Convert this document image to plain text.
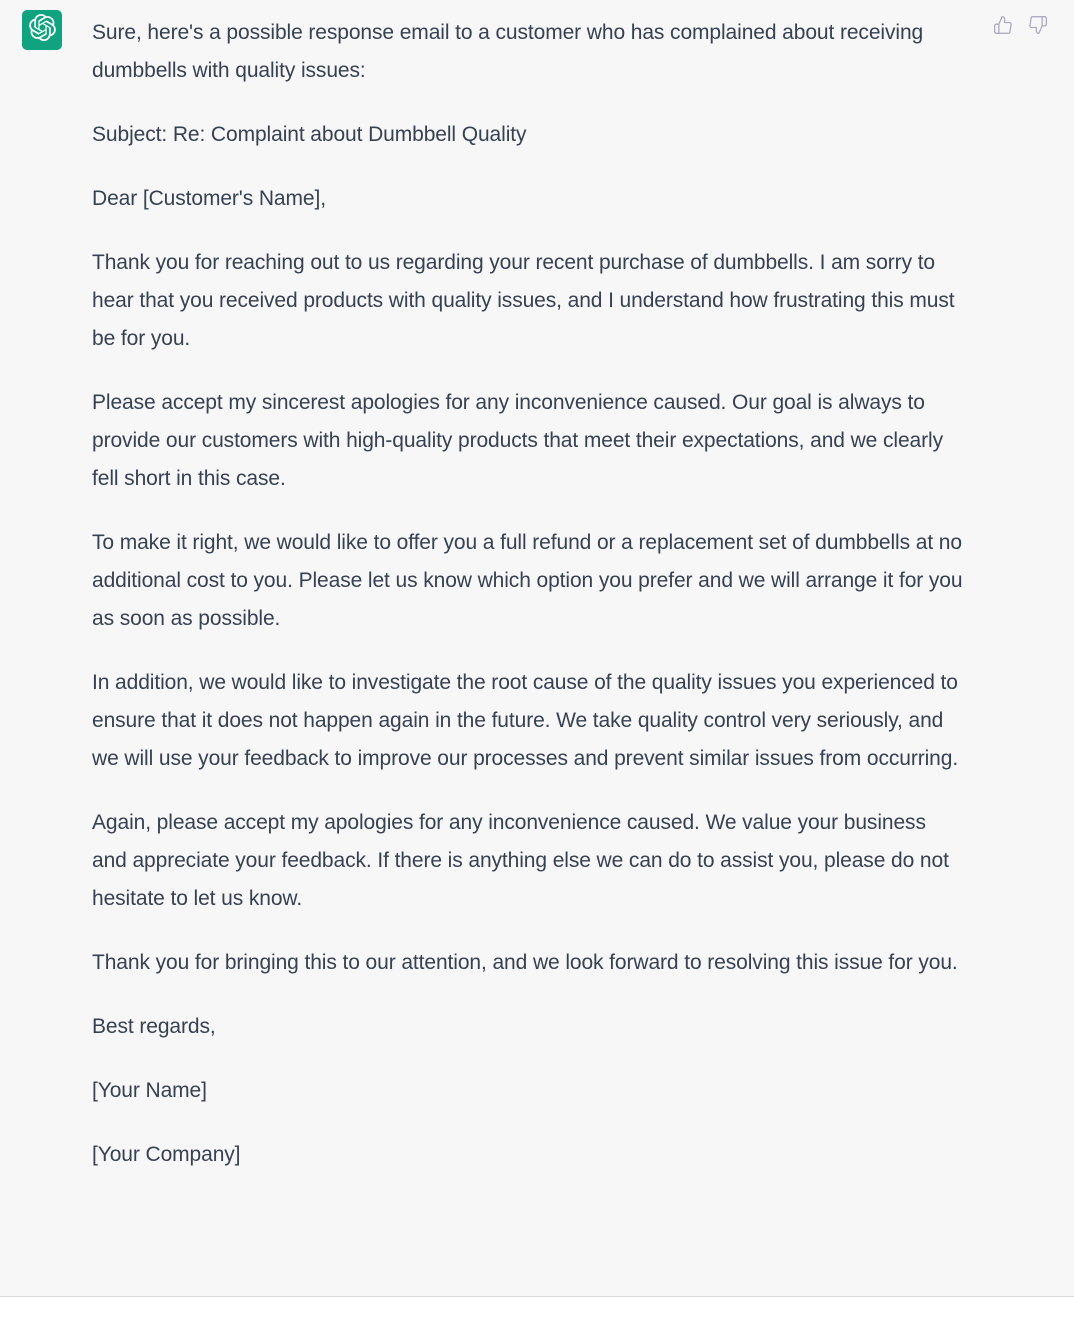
Sure, here's a possible response email to a customer who has complained about receiving dumbbells with quality issues:

Subject: Re: Complaint about Dumbbell Quality

Dear [Customer's Name],

Thank you for reaching out to us regarding your recent purchase of dumbbells. I am sorry to hear that you received products with quality issues, and I understand how frustrating this must be for you.

Please accept my sincerest apologies for any inconvenience caused. Our goal is always to provide our customers with high-quality products that meet their expectations, and we clearly fell short in this case.

To make it right, we would like to offer you a full refund or a replacement set of dumbbells at no additional cost to you. Please let us know which option you prefer and we will arrange it for you as soon as possible.

In addition, we would like to investigate the root cause of the quality issues you experienced to ensure that it does not happen again in the future. We take quality control very seriously, and we will use your feedback to improve our processes and prevent similar issues from occurring.

Again, please accept my apologies for any inconvenience caused. We value your business and appreciate your feedback. If there is anything else we can do to assist you, please do not hesitate to let us know.

Thank you for bringing this to our attention, and we look forward to resolving this issue for you.

Best regards,

[Your Name]

[Your Company]
